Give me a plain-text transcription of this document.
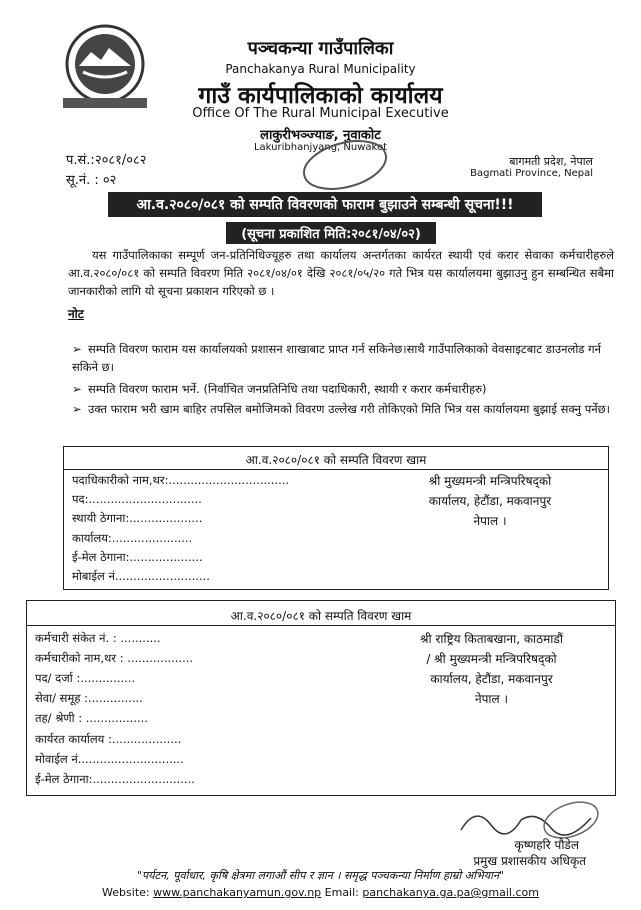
पञ्चकन्या गाउँपालिका
Panchakanya Rural Municipality
गाउँ कार्यपालिकाको कार्यालय
Office Of The Rural Municipal Executive
लाकुरीभञ्ज्याङ, नुवाकोट
Lakuribhanjyang, Nuwakot
प.सं.:२०८१/०८२
सू.नं. : ०२
बागमती प्रदेश, नेपाल
Bagmati Province, Nepal
आ.व.२०८०/०८१ को सम्पति विवरणको फाराम बुझाउने सम्बन्धी सूचना!!!
(सूचना प्रकाशित मिति:२०८१/०४/०२)
यस गाउँपालिकाका सम्पूर्ण जन-प्रतिनिधिज्यूहरु तथा कार्यालय अन्तर्गतका कार्यरत स्थायी एवं करार सेवाका कर्मचारीहरुले आ.व.२०८०/०८१ को सम्पति विवरण मिति २०८१/०४/०१ देखि २०८१/०५/२० गते भित्र यस कार्यालयमा बुझाउनु हुन सम्बन्धित सबैमा जानकारीको लागि यो सूचना प्रकाशन गरिएको छ ।
नोट
➢ सम्पति विवरण फाराम यस कार्यालयको प्रशासन शाखाबाट प्राप्त गर्न सकिनेछ।साथै गाउँपालिकाको वेवसाइटबाट डाउनलोड गर्न सकिने छ।
➢ सम्पति विवरण फाराम भर्ने. (निर्वाचित जनप्रतिनिधि तथा पदाधिकारी, स्थायी र करार कर्मचारीहरु)
➢ उक्त फाराम भरी खाम बाहिर तपसिल बमोजिमको विवरण उल्लेख गरी तोकिएको मिति भित्र यस कार्यालयमा बुझाई सक्नु पर्नेछ।
आ.व.२०८०/०८१ को सम्पति विवरण खाम
पदाधिकारीको नाम,थर:.................................
पद:...............................
स्थायी ठेगाना:....................
कार्यालय:......................
ई-मेल ठेगाना:....................
मोबाईल नं..........................
श्री मुख्यमन्त्री मन्त्रिपरिषद्को
कार्यालय, हेटौंडा, मकवानपुर
नेपाल ।
आ.व.२०८०/०८१ को सम्पति विवरण खाम
कर्मचारी संकेत नं. : ...........
कर्मचारीको नाम,थर : ..................
पद/ दर्जा :...............
सेवा/ समूह :...............
तह/ श्रेणी : .................
कार्यरत कार्यालय :...................
मोवाईल नं.............................
ई-मेल ठेगाना:............................
श्री राष्ट्रिय किताबखाना, काठमाडौं
/ श्री मुख्यमन्त्री मन्त्रिपरिषद्को
कार्यालय, हेटौंडा, मकवानपुर
नेपाल ।
कृष्णहरि पौडेल
प्रमुख प्रशासकीय अधिकृत
"पर्यटन, पूर्वाधार, कृषि क्षेत्रमा लगाऔं सीप र ज्ञान । समृद्ध पञ्चकन्या निर्माण हाम्रो अभियान"
Website: www.panchakanyamun.gov.np Email: panchakanya.ga.pa@gmail.com
